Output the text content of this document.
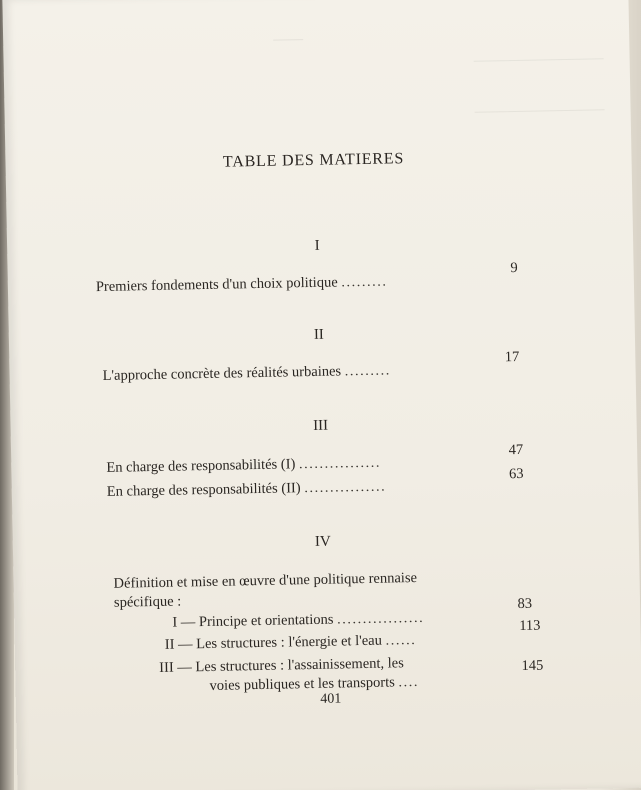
TABLE DES MATIERES
I
Premiers fondements d'un choix politique .........
9
II
L'approche concrète des réalités urbaines .........
17
III
En charge des responsabilités (I) ................
47
En charge des responsabilités (II) ................
63
IV
Définition et mise en œuvre d'une politique rennaise
spécifique :
I — Principe et orientations .................
83
II — Les structures : l'énergie et l'eau ......
113
III — Les structures : l'assainissement, les
voies publiques et les transports ....
145
401
